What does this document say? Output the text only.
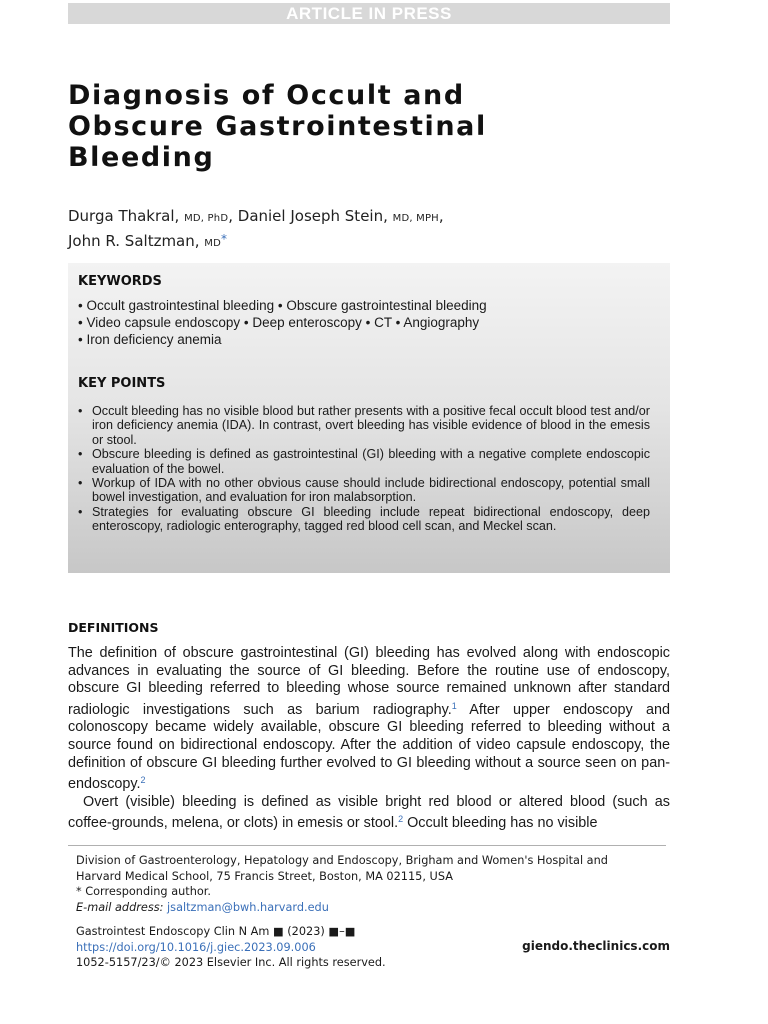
ARTICLE IN PRESS
Diagnosis of Occult and
Obscure Gastrointestinal
Bleeding
Durga Thakral, MD, PhD, Daniel Joseph Stein, MD, MPH,
John R. Saltzman, MD*
KEYWORDS
• Occult gastrointestinal bleeding • Obscure gastrointestinal bleeding
• Video capsule endoscopy • Deep enteroscopy • CT • Angiography
• Iron deficiency anemia
KEY POINTS
• Occult bleeding has no visible blood but rather presents with a positive fecal occult blood test and/or iron deficiency anemia (IDA). In contrast, overt bleeding has visible evidence of blood in the emesis or stool.
• Obscure bleeding is defined as gastrointestinal (GI) bleeding with a negative complete endoscopic evaluation of the bowel.
• Workup of IDA with no other obvious cause should include bidirectional endoscopy, potential small bowel investigation, and evaluation for iron malabsorption.
• Strategies for evaluating obscure GI bleeding include repeat bidirectional endoscopy, deep enteroscopy, radiologic enterography, tagged red blood cell scan, and Meckel scan.
DEFINITIONS

The definition of obscure gastrointestinal (GI) bleeding has evolved along with endoscopic advances in evaluating the source of GI bleeding. Before the routine use of endoscopy, obscure GI bleeding referred to bleeding whose source remained unknown after standard radiologic investigations such as barium radiography.$^1$ After upper endoscopy and colonoscopy became widely available, obscure GI bleeding referred to bleeding without a source found on bidirectional endoscopy. After the addition of video capsule endoscopy, the definition of obscure GI bleeding further evolved to GI bleeding without a source seen on pan-endoscopy.$^2$

Overt (visible) bleeding is defined as visible bright red blood or altered blood (such as coffee-grounds, melena, or clots) in emesis or stool.$^2$ Occult bleeding has no visible

Division of Gastroenterology, Hepatology and Endoscopy, Brigham and Women's Hospital and
Harvard Medical School, 75 Francis Street, Boston, MA 02115, USA
* Corresponding author.
E-mail address: jsaltzman@bwh.harvard.edu
Gastrointest Endoscopy Clin N Am ■ (2023) ■–■
https://doi.org/10.1016/j.giec.2023.09.006
1052-5157/23/© 2023 Elsevier Inc. All rights reserved.
giendo.theclinics.com
